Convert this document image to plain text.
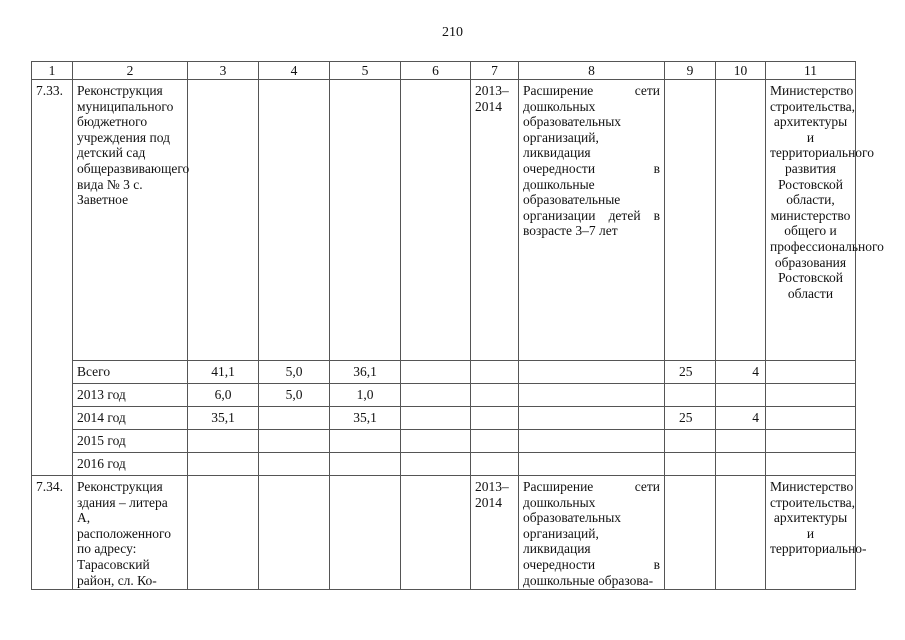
210
1	2	3	4	5	6	7	8	9	10	11
7.33.	Реконструкция муниципального бюджетного учреждения под детский сад общеразвивающего вида № 3 с. Заветное					2013–2014	Расширение сети дошкольных образовательных организаций, ликвидация очередности в дошкольные образовательные организации детей в возрасте 3–7 лет			Министерство строительства, архитектуры и территориального развития Ростовской области, министерство общего и профессионального образования Ростовской области
	Всего	41,1	5,0	36,1				25	4	
	2013 год	6,0	5,0	1,0						
	2014 год	35,1		35,1				25	4	
	2015 год									
	2016 год									
7.34.	Реконструкция здания – литера А, расположенного по адресу: Тарасовский район, сл. Ко-					2013–2014	Расширение сети дошкольных образовательных организаций, ликвидация очередности в дошкольные образова-			Министерство строительства, архитектуры и территориально-
